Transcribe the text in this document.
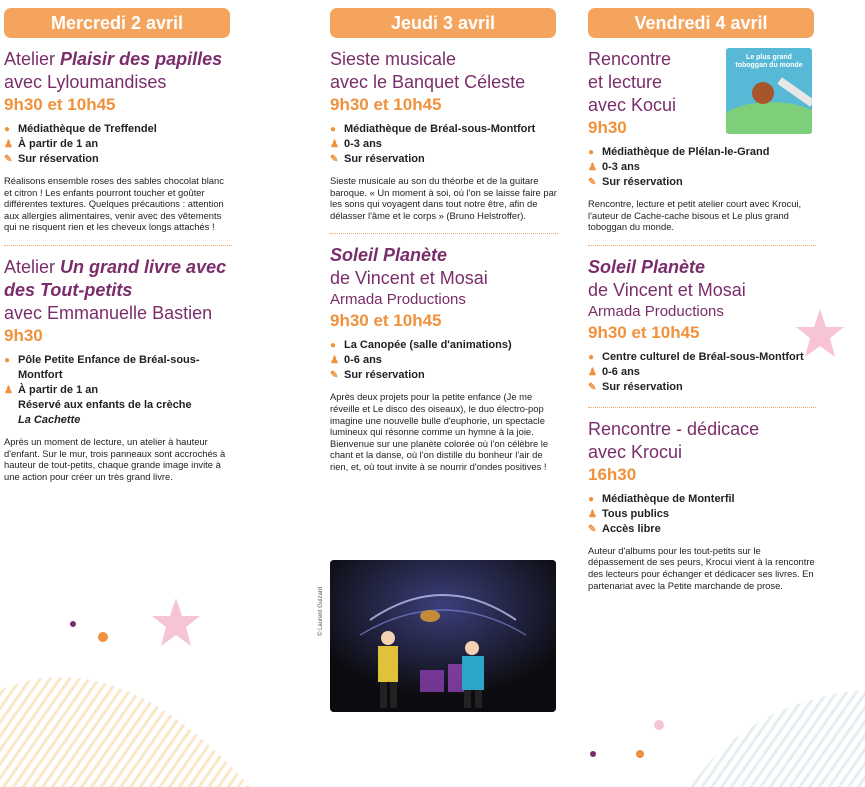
Mercredi 2 avril
Atelier Plaisir des papilles
avec Lyloumandises
9h30 et 10h45
● Médiathèque de Treffendel
♟ À partir de 1 an
✎ Sur réservation
Réalisons ensemble roses des sables chocolat blanc et citron ! Les enfants pourront toucher et goûter différentes textures. Quelques précautions : attention aux allergies alimentaires, venir avec des vêtements qui ne risquent rien et les cheveux longs attachés !
Atelier Un grand livre avec des Tout-petits
avec Emmanuelle Bastien
9h30
● Pôle Petite Enfance de Bréal-sous-Montfort
♟ À partir de 1 an
Réservé aux enfants de la crèche
La Cachette
Après un moment de lecture, un atelier à hauteur d'enfant. Sur le mur, trois panneaux sont accrochés à hauteur de tout-petits, chaque grande image invite à une action pour créer un très grand livre.
Jeudi 3 avril
Sieste musicale
avec le Banquet Céleste
9h30 et 10h45
● Médiathèque de Bréal-sous-Montfort
♟ 0-3 ans
✎ Sur réservation
Sieste musicale au son du théorbe et de la guitare baroque. « Un moment à soi, où l'on se laisse faire par les sons qui voyagent dans tout notre être, afin de délasser l'âme et le corps » (Bruno Helstroffer).
Soleil Planète
de Vincent et Mosai
Armada Productions
9h30 et 10h45
● La Canopée (salle d'animations)
♟ 0-6 ans
✎ Sur réservation
Après deux projets pour la petite enfance (Je me réveille et Le disco des oiseaux), le duo électro-pop imagine une nouvelle bulle d'euphorie, un spectacle lumineux qui résonne comme un hymne à la joie. Bienvenue sur une planète colorée où l'on célèbre le chant et la danse, où l'on distille du bonheur l'air de rien, et, où tout invite à se nourrir d'ondes positives !
© Laurent Guizard
Vendredi 4 avril
Le plus grand toboggan du monde
Rencontre
et lecture
avec Kocui
9h30
● Médiathèque de Plélan-le-Grand
♟ 0-3 ans
✎ Sur réservation
Rencontre, lecture et petit atelier court avec Krocui, l'auteur de Cache-cache bisous et Le plus grand toboggan du monde.
Soleil Planète
de Vincent et Mosai
Armada Productions
9h30 et 10h45
● Centre culturel de Bréal-sous-Montfort
♟ 0-6 ans
✎ Sur réservation
Rencontre - dédicace
avec Krocui
16h30
● Médiathèque de Monterfil
♟ Tous publics
✎ Accès libre
Auteur d'albums pour les tout-petits sur le dépassement de ses peurs, Krocui vient à la rencontre des lecteurs pour échanger et dédicacer ses livres. En partenariat avec la Petite marchande de prose.
